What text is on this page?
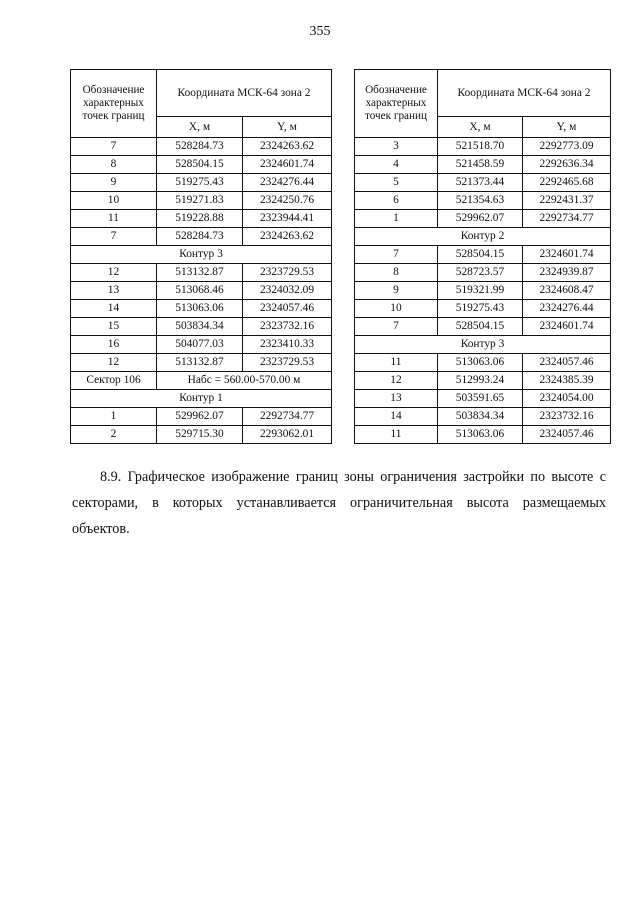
355
Обозначение характерных точек границ	Координата МСК-64 зона 2	
	X, м	Y, м
7	528284.73	2324263.62
8	528504.15	2324601.74
9	519275.43	2324276.44
10	519271.83	2324250.76
11	519228.88	2323944.41
7	528284.73	2324263.62
Контур 3		
12	513132.87	2323729.53
13	513068.46	2324032.09
14	513063.06	2324057.46
15	503834.34	2323732.16
16	504077.03	2323410.33
12	513132.87	2323729.53
Сектор 106	Набс = 560.00-570.00 м	
Контур 1		
1	529962.07	2292734.77
2	529715.30	2293062.01
Обозначение характерных точек границ	Координата МСК-64 зона 2	
	X, м	Y, м
3	521518.70	2292773.09
4	521458.59	2292636.34
5	521373.44	2292465.68
6	521354.63	2292431.37
1	529962.07	2292734.77
Контур 2		
7	528504.15	2324601.74
8	528723.57	2324939.87
9	519321.99	2324608.47
10	519275.43	2324276.44
7	528504.15	2324601.74
Контур 3		
11	513063.06	2324057.46
12	512993.24	2324385.39
13	503591.65	2324054.00
14	503834.34	2323732.16
11	513063.06	2324057.46

8.9. Графическое изображение границ зоны ограничения застройки по высоте с
секторами, в которых устанавливается ограничительная высота размещаемых
объектов.
